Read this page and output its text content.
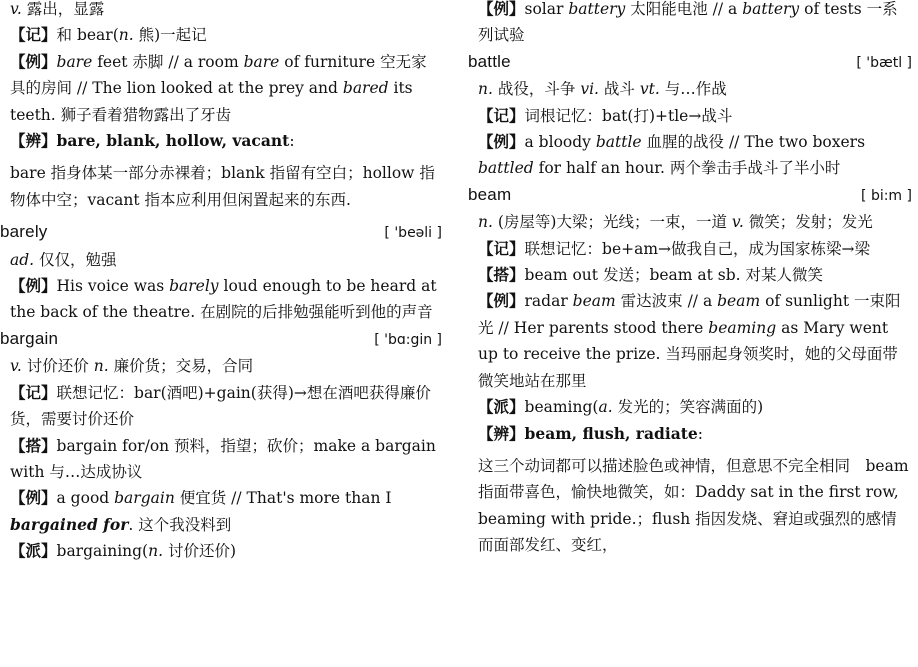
v. 露出，显露
【记】和 bear(n. 熊)一起记
【例】bare feet 赤脚 // a room bare of furniture 空无家具的房间 // The lion looked at the prey and bared its teeth. 狮子看着猎物露出了牙齿
【辨】bare, blank, hollow, vacant:
bare 指身体某一部分赤裸着；blank 指留有空白；hollow 指物体中空；vacant 指本应利用但闲置起来的东西.
barely	[ 'beəli ]
ad. 仅仅，勉强
【例】His voice was barely loud enough to be heard at the back of the theatre. 在剧院的后排勉强能听到他的声音
bargain	[ 'bɑ:gin ]
v. 讨价还价 n. 廉价货；交易，合同
【记】联想记忆：bar(酒吧)+gain(获得)→想在酒吧获得廉价货，需要讨价还价
【搭】bargain for/on 预料，指望；砍价；make a bargain with 与…达成协议
【例】a good bargain 便宜货 // That's more than I bargained for. 这个我没料到
【派】bargaining(n. 讨价还价)
【例】solar battery 太阳能电池 // a battery of tests 一系列试验
battle	[ 'bætl ]
n. 战役，斗争 vi. 战斗 vt. 与…作战
【记】词根记忆：bat(打)+tle→战斗
【例】a bloody battle 血腥的战役 // The two boxers battled for half an hour. 两个拳击手战斗了半小时
beam	[ bi:m ]
n. (房屋等)大梁；光线；一束，一道 v. 微笑；发射；发光
【记】联想记忆：be+am→做我自己，成为国家栋梁→梁
【搭】beam out 发送；beam at sb. 对某人微笑
【例】radar beam 雷达波束 // a beam of sunlight 一束阳光 // Her parents stood there beaming as Mary went up to receive the prize. 当玛丽起身领奖时，她的父母面带微笑地站在那里
【派】beaming(a. 发光的；笑容满面的)
【辨】beam, flush, radiate:
这三个动词都可以描述脸色或神情，但意思不完全相同　beam 指面带喜色，愉快地微笑，如：Daddy sat in the first row, beaming with pride.；flush 指因发烧、窘迫或强烈的感情而面部发红、变红，
